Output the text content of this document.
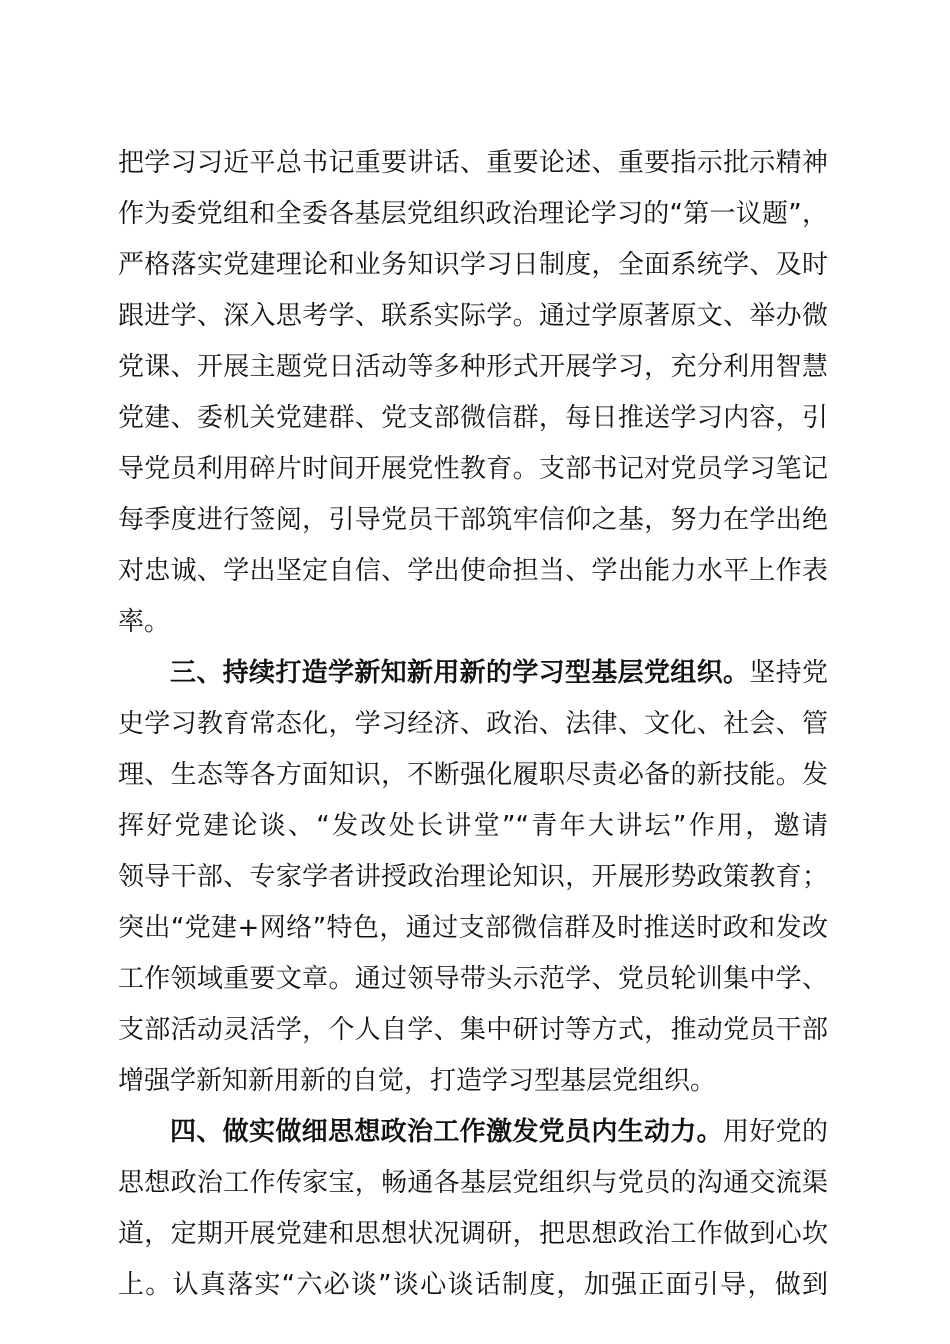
把学习习近平总书记重要讲话、重要论述、重要指示批示精神
作为委党组和全委各基层党组织政治理论学习的“第一议题”，
严格落实党建理论和业务知识学习日制度，全面系统学、及时
跟进学、深入思考学、联系实际学。通过学原著原文、举办微
党课、开展主题党日活动等多种形式开展学习，充分利用智慧
党建、委机关党建群、党支部微信群，每日推送学习内容，引
导党员利用碎片时间开展党性教育。支部书记对党员学习笔记
每季度进行签阅，引导党员干部筑牢信仰之基，努力在学出绝
对忠诚、学出坚定自信、学出使命担当、学出能力水平上作表
率。
三、持续打造学新知新用新的学习型基层党组织。坚持党
史学习教育常态化，学习经济、政治、法律、文化、社会、管
理、生态等各方面知识，不断强化履职尽责必备的新技能。发
挥好党建论谈、“发改处长讲堂”“青年大讲坛”作用，邀请
领导干部、专家学者讲授政治理论知识，开展形势政策教育；
突出“党建+网络”特色，通过支部微信群及时推送时政和发改
工作领域重要文章。通过领导带头示范学、党员轮训集中学、
支部活动灵活学，个人自学、集中研讨等方式，推动党员干部
增强学新知新用新的自觉，打造学习型基层党组织。
四、做实做细思想政治工作激发党员内生动力。用好党的
思想政治工作传家宝，畅通各基层党组织与党员的沟通交流渠
道，定期开展党建和思想状况调研，把思想政治工作做到心坎
上。认真落实“六必谈”谈心谈话制度，加强正面引导，做到
